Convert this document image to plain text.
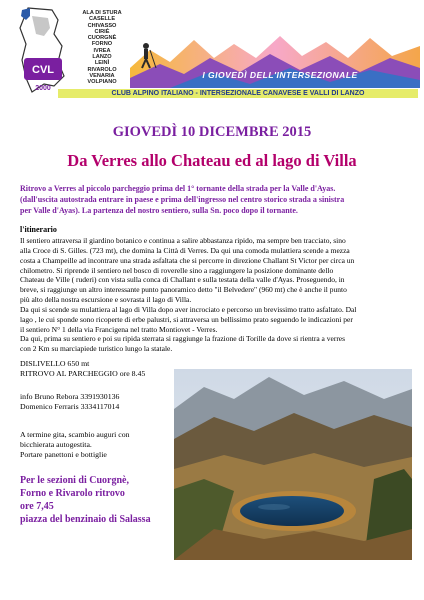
CVL
2000
ALA DI STURA
CASELLE
CHIVASSO
CIRIÈ
CUORGNÈ
FORNO
IVREA
LANZO
LEINÌ
RIVAROLO
VENARIA
VOLPIANO
I GIOVEDÌ DELL'INTERSEZIONALE
CLUB ALPINO ITALIANO - INTERSEZIONALE CANAVESE E VALLI DI LANZO
GIOVEDÌ 10 DICEMBRE 2015
Da Verres allo Chateau ed al lago di Villa
Ritrovo a Verres al piccolo parcheggio prima del 1° tornante della strada per la Valle d'Ayas.
(dall'uscita autostrada entrare in paese e prima dell'ingresso nel centro storico strada a sinistra
per Valle d'Ayas). La partenza del nostro sentiero, sulla Sn. poco dopo il tornante.
l'itinerario
Il sentiero attraversa il giardino botanico e continua a salire abbastanza ripido, ma sempre ben tracciato, sino
alla Croce di S. Gilles. (723 mt), che domina la Città di Verres. Da qui una comoda mulattiera scende a mezza
costa a Champeille ad incontrare una strada asfaltata che si percorre in direzione Challant St Victor per circa un
chilometro. Si riprende il sentiero nel bosco di roverelle sino a raggiungere la posizione dominante dello
Chateau de Ville ( ruderi) con vista sulla conca di Challant e sulla testata della valle d'Ayas. Proseguendo, in
breve, si raggiunge un altro interessante punto panoramico detto "il Belvedere" (960 mt) che è anche il punto
più alto della nostra escursione e sovrasta il lago di Villa.
Da qui si scende su mulattiera al lago di Villa dopo aver incrociato e percorso un brevissimo tratto asfaltato. Dal
lago , le cui sponde sono ricoperte di erbe palustri, si attraversa un bellissimo prato seguendo le indicazioni per
il sentiero N° 1 della via Francigena nel tratto Montiovet - Verres.
Da qui, prima su sentiero e poi su ripida sterrata si raggiunge la frazione di Torille da dove si rientra a verres
con 2 Km su marciapiede turistico lungo la statale.
DISLIVELLO 650 mt
RITROVO AL PARCHEGGIO ore 8.45
info Bruno Rebora 3391930136
Domenico Ferraris 3334117014
A termine gita, scambio auguri con
bicchierata autogestita.
Portare panettoni e bottiglie
Per le sezioni di Cuorgnè,
Forno e Rivarolo ritrovo
ore 7,45
piazza del benzinaio di Salassa
